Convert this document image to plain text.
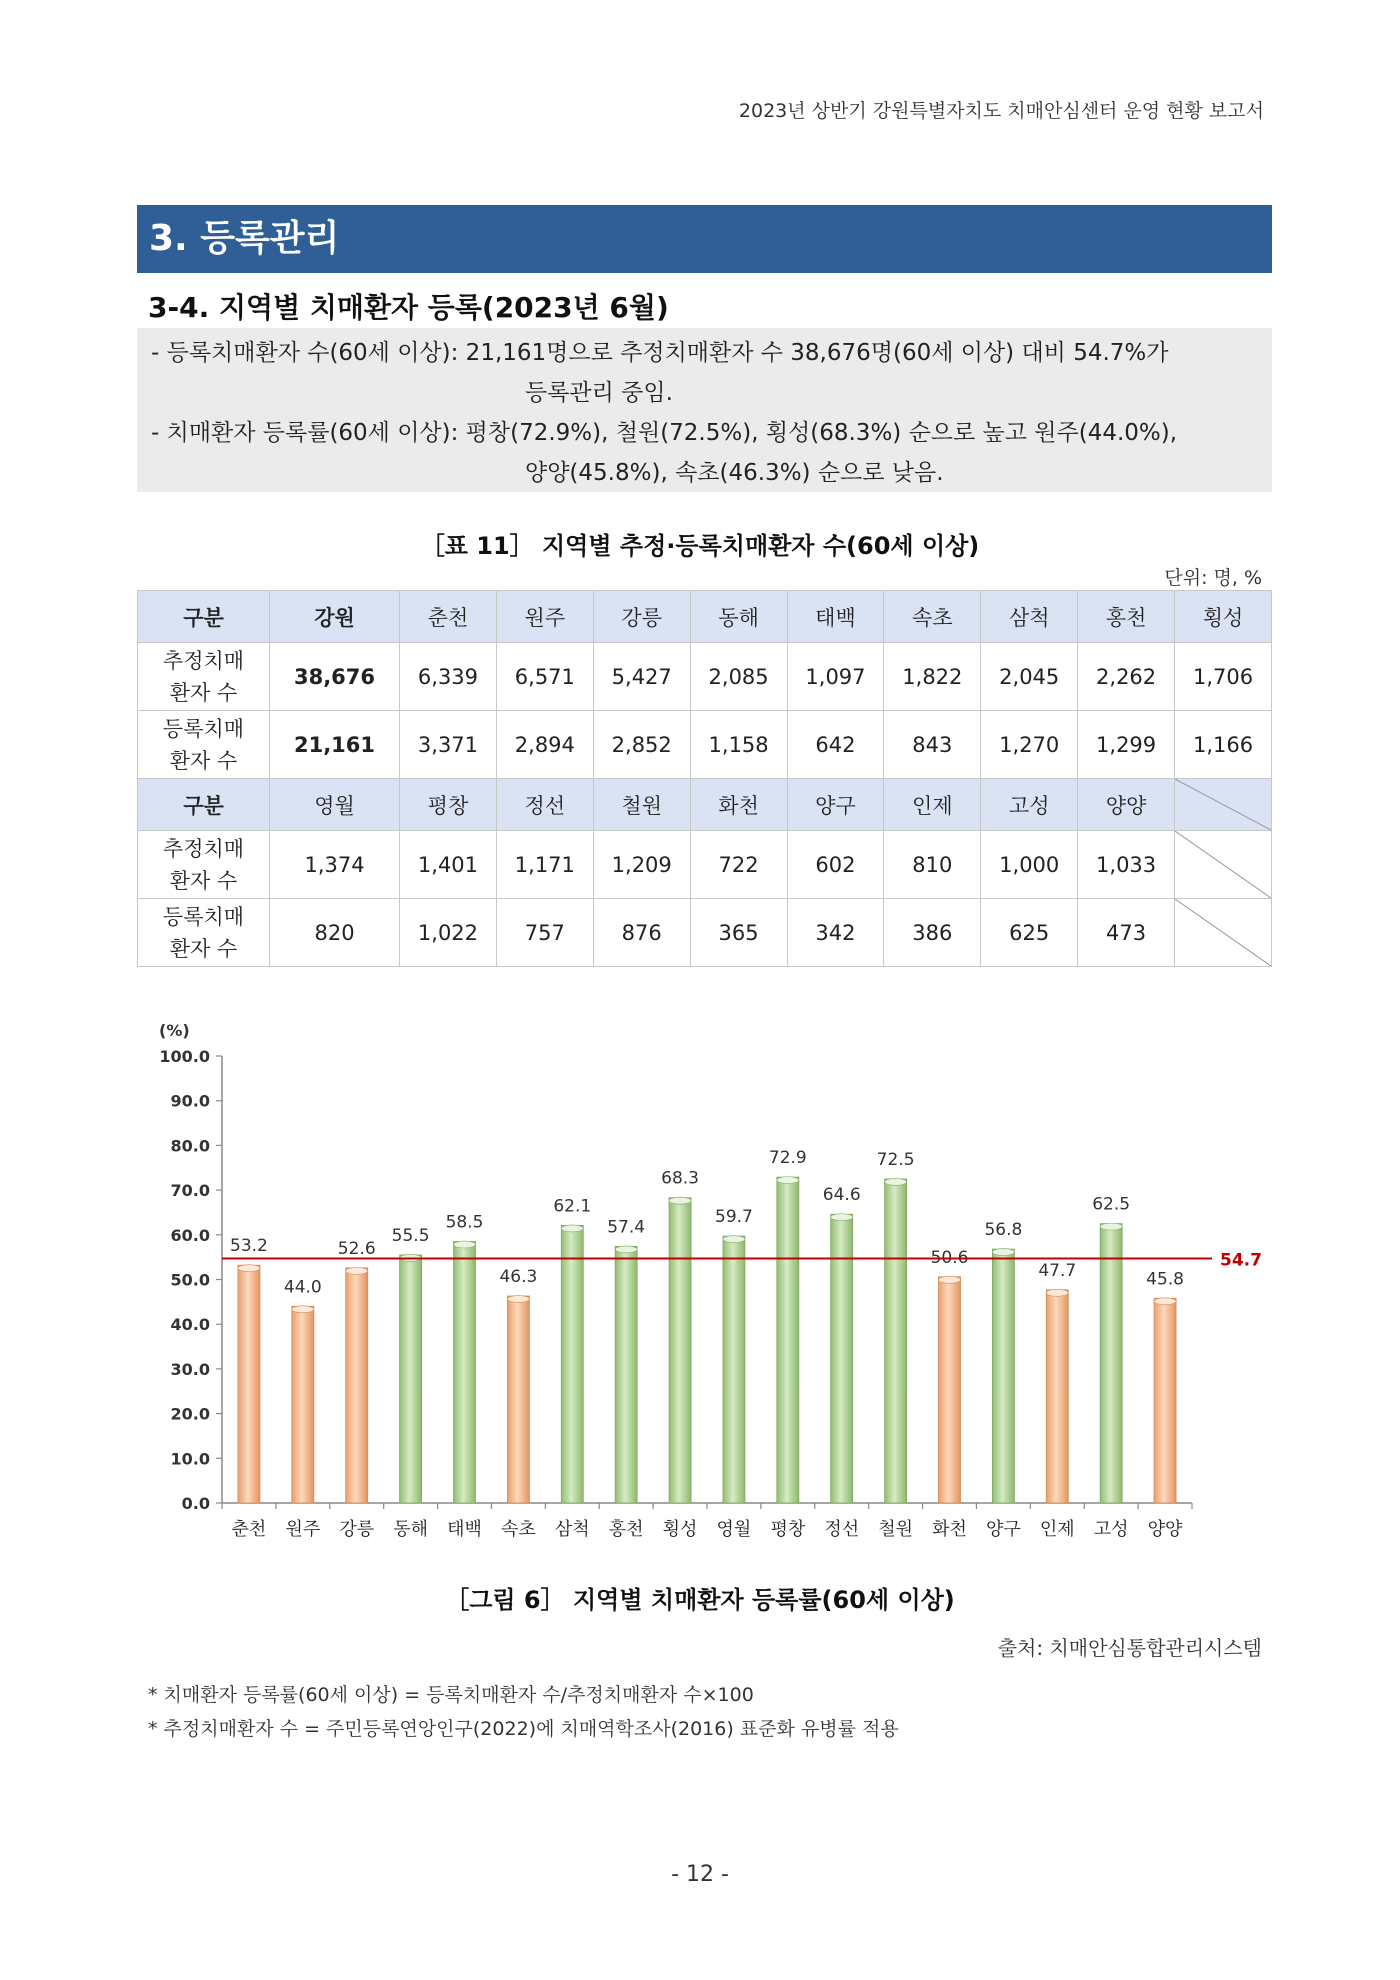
2023년 상반기 강원특별자치도 치매안심센터 운영 현황 보고서
3. 등록관리
3-4. 지역별 치매환자 등록(2023년 6월)
- 등록치매환자 수(60세 이상): 21,161명으로 추정치매환자 수 38,676명(60세 이상) 대비 54.7%가
등록관리 중임.
- 치매환자 등록률(60세 이상): 평창(72.9%), 철원(72.5%), 횡성(68.3%) 순으로 높고 원주(44.0%),
양양(45.8%), 속초(46.3%) 순으로 낮음.
［표 11］ 지역별 추정·등록치매환자 수(60세 이상)
단위: 명, %
구분	강원	춘천	원주	강릉	동해	태백	속초	삼척	홍천	횡성

추정치매
환자 수	38,676	6,339	6,571	5,427	2,085	1,097	1,822	2,045	2,262	1,706

등록치매
환자 수	21,161	3,371	2,894	2,852	1,158	642	843	1,270	1,299	1,166
구분	영월	평창	정선	철원	화천	양구	인제	고성	양양	

추정치매
환자 수	1,374	1,401	1,171	1,209	722	602	810	1,000	1,033	

등록치매
환자 수	820	1,022	757	876	365	342	386	625	473	
(%)
0.0
10.0
20.0
30.0
40.0
50.0
60.0
70.0
80.0
90.0
100.0
53.2
춘천
44.0
원주
52.6
강릉
55.5
동해
58.5
태백
46.3
속초
62.1
삼척
57.4
홍천
68.3
횡성
59.7
영월
72.9
평창
64.6
정선
72.5
철원
50.6
화천
56.8
양구
47.7
인제
62.5
고성
45.8
양양
54.7
［그림 6］ 지역별 치매환자 등록률(60세 이상)
출처: 치매안심통합관리시스템
* 치매환자 등록률(60세 이상) = 등록치매환자 수/추정치매환자 수×100
* 추정치매환자 수 = 주민등록연앙인구(2022)에 치매역학조사(2016) 표준화 유병률 적용
- 12 -
